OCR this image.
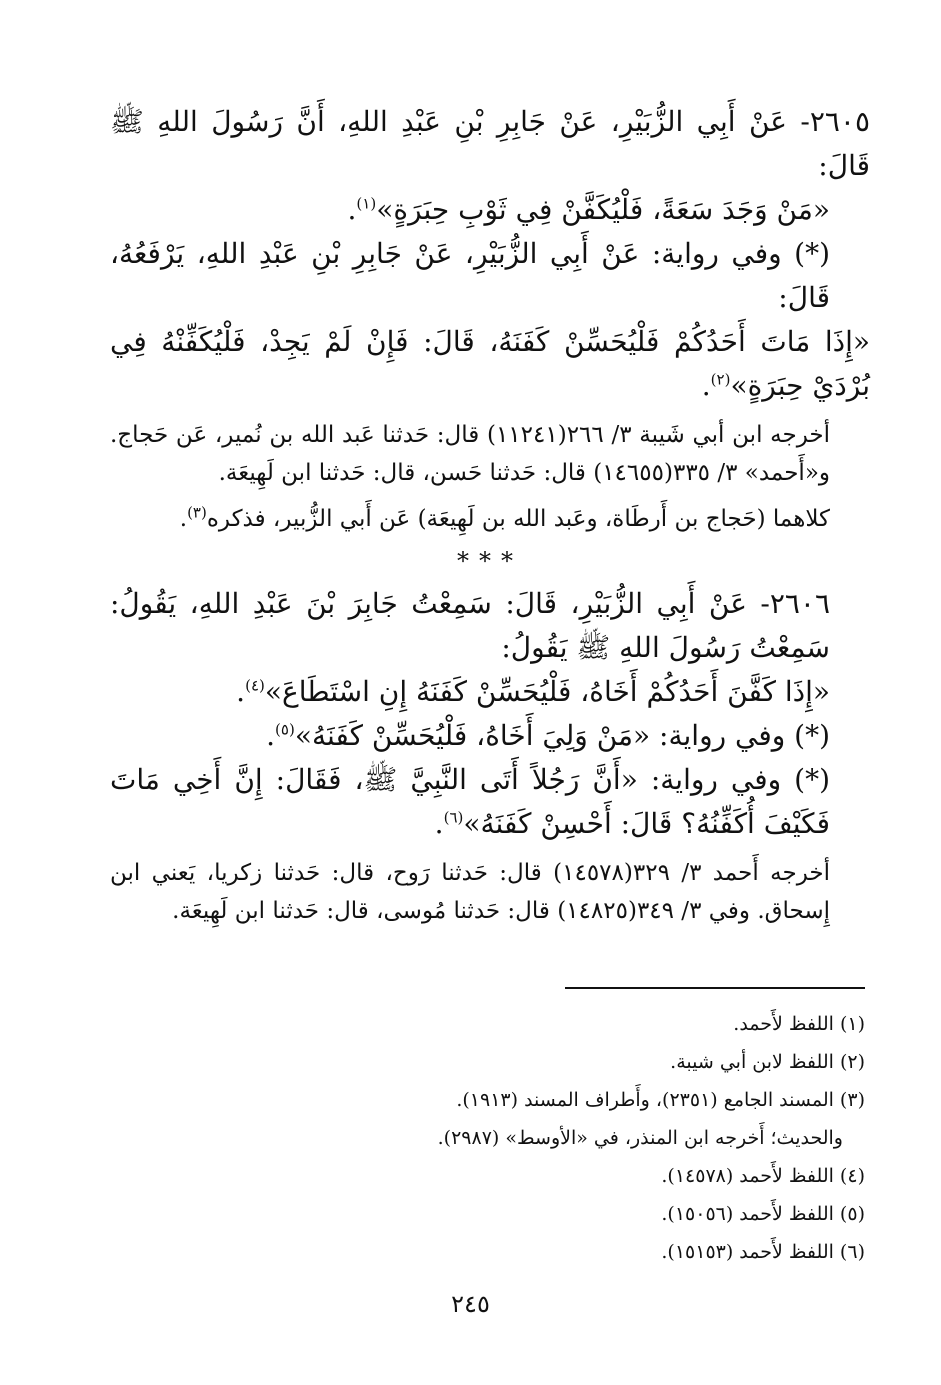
٢٦٠٥- عَنْ أَبِي الزُّبَيْرِ، عَنْ جَابِرِ بْنِ عَبْدِ اللهِ، أَنَّ رَسُولَ اللهِ ﷺ قَالَ:

«مَنْ وَجَدَ سَعَةً، فَلْيُكَفَّنْ فِي ثَوْبِ حِبَرَةٍ»$^{(١)}$.

(*) وفي رواية: عَنْ أَبِي الزُّبَيْرِ، عَنْ جَابِرِ بْنِ عَبْدِ اللهِ، يَرْفَعُهُ، قَالَ:

«إِذَا مَاتَ أَحَدُكُمْ فَلْيُحَسِّنْ كَفَنَهُ، قَالَ: فَإِنْ لَمْ يَجِدْ، فَلْيُكَفِّنْهُ فِي بُرْدَيْ حِبَرَةٍ»$^{(٢)}$.

أخرجه ابن أبي شَيبة ٣/ ٢٦٦(١١٢٤١) قال: حَدثنا عَبد الله بن نُمير، عَن حَجاج. و«أَحمد» ٣/ ٣٣٥(١٤٦٥٥) قال: حَدثنا حَسن، قال: حَدثنا ابن لَهِيعَة.

كلاهما (حَجاج بن أَرطَاة، وعَبد الله بن لَهِيعَة) عَن أَبي الزُّبير، فذكره$^{(٣)}$.

***

٢٦٠٦- عَنْ أَبِي الزُّبَيْرِ، قَالَ: سَمِعْتُ جَابِرَ بْنَ عَبْدِ اللهِ، يَقُولُ: سَمِعْتُ رَسُولَ اللهِ ﷺ يَقُولُ:

«إِذَا كَفَّنَ أَحَدُكُمْ أَخَاهُ، فَلْيُحَسِّنْ كَفَنَهُ إِنِ اسْتَطَاعَ»$^{(٤)}$.

(*) وفي رواية: «مَنْ وَلِيَ أَخَاهُ، فَلْيُحَسِّنْ كَفَنَهُ»$^{(٥)}$.

(*) وفي رواية: «أَنَّ رَجُلاً أَتَى النَّبِيَّ ﷺ، فَقَالَ: إِنَّ أَخِي مَاتَ فَكَيْفَ أُكَفِّنُهُ؟ قَالَ: أَحْسِنْ كَفَنَهُ»$^{(٦)}$.

أخرجه أَحمد ٣/ ٣٢٩(١٤٥٧٨) قال: حَدثنا رَوح، قال: حَدثنا زكريا، يَعني ابن إِسحاق. وفي ٣/ ٣٤٩(١٤٨٢٥) قال: حَدثنا مُوسى، قال: حَدثنا ابن لَهِيعَة.

(١) اللفظ لأَحمد.
(٢) اللفظ لابن أبي شيبة.
(٣) المسند الجامع (٢٣٥١)، وأَطراف المسند (١٩١٣).
والحديث؛ أَخرجه ابن المنذر، في «الأوسط» (٢٩٨٧).
(٤) اللفظ لأَحمد (١٤٥٧٨).
(٥) اللفظ لأَحمد (١٥٠٥٦).
(٦) اللفظ لأَحمد (١٥١٥٣).
٢٤٥
